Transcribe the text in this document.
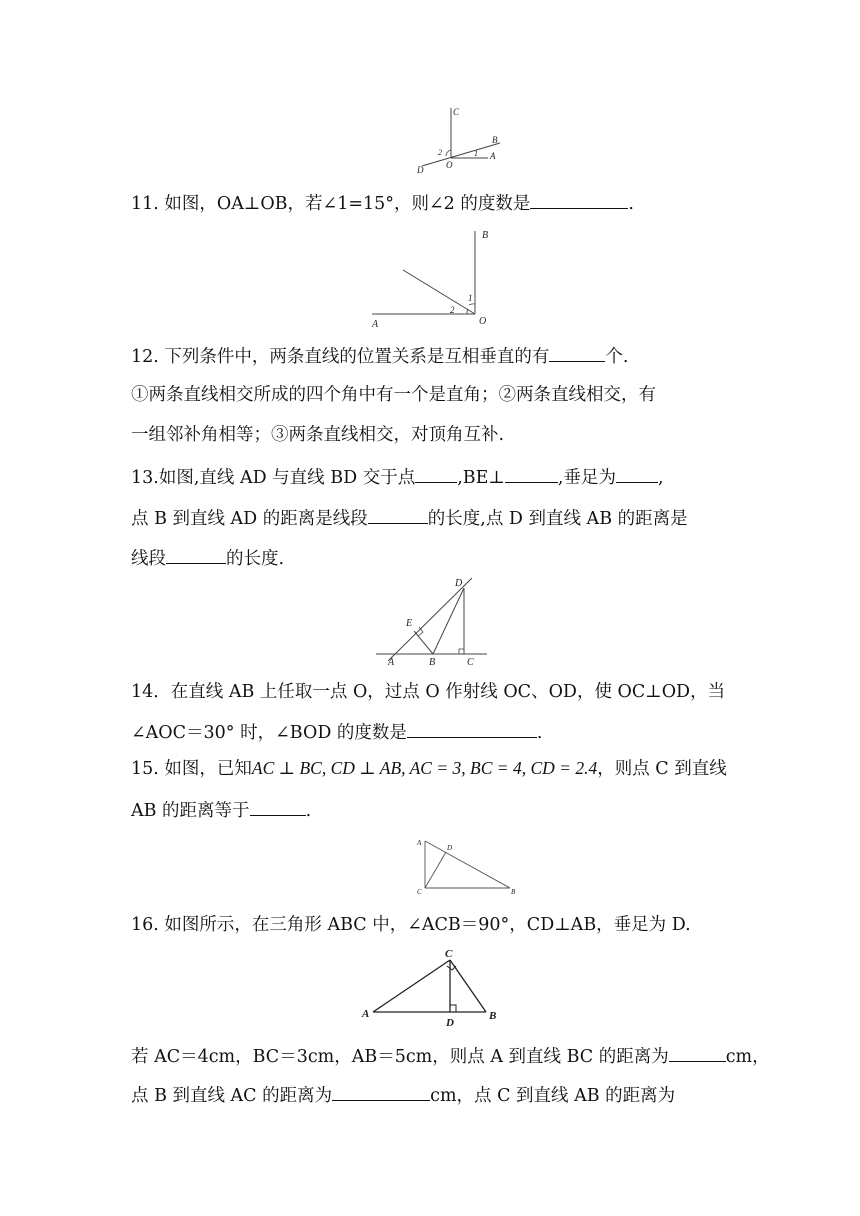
C
B
A
D	O
1
2
11. 如图，OA⊥OB，若∠1=15°，则∠2 的度数是	.
B
A	O
1
2
12. 下列条件中，两条直线的位置关系是互相垂直的有	个.
①两条直线相交所成的四个角中有一个是直角；②两条直线相交，有
一组邻补角相等；③两条直线相交，对顶角互补.
13.如图,直线 AD 与直线 BD 交于点 ,BE⊥	,垂足为 ,
点 B 到直线 AD 的距离是线段	的长度,点 D 到直线 AB 的距离是
线段	的长度.
D
E
A	B	C
14．在直线 AB 上任取一点 O，过点 O 作射线 OC、OD，使 OC⊥OD，当
∠AOC＝30° 时，∠BOD 的度数是	.
15. 如图，已知AC ⊥ BC, CD ⊥ AB, AC = 3, BC = 4, CD = 2.4，则点 C 到直线
AB 的距离等于	.
A
D
C	B
16. 如图所示，在三角形 ABC 中，∠ACB＝90°，CD⊥AB，垂足为 D.
C
A
D
B
若 AC＝4cm，BC＝3cm，AB＝5cm，则点 A 到直线 BC 的距离为	cm，
点 B 到直线 AC 的距离为	cm，点 C 到直线 AB 的距离为
